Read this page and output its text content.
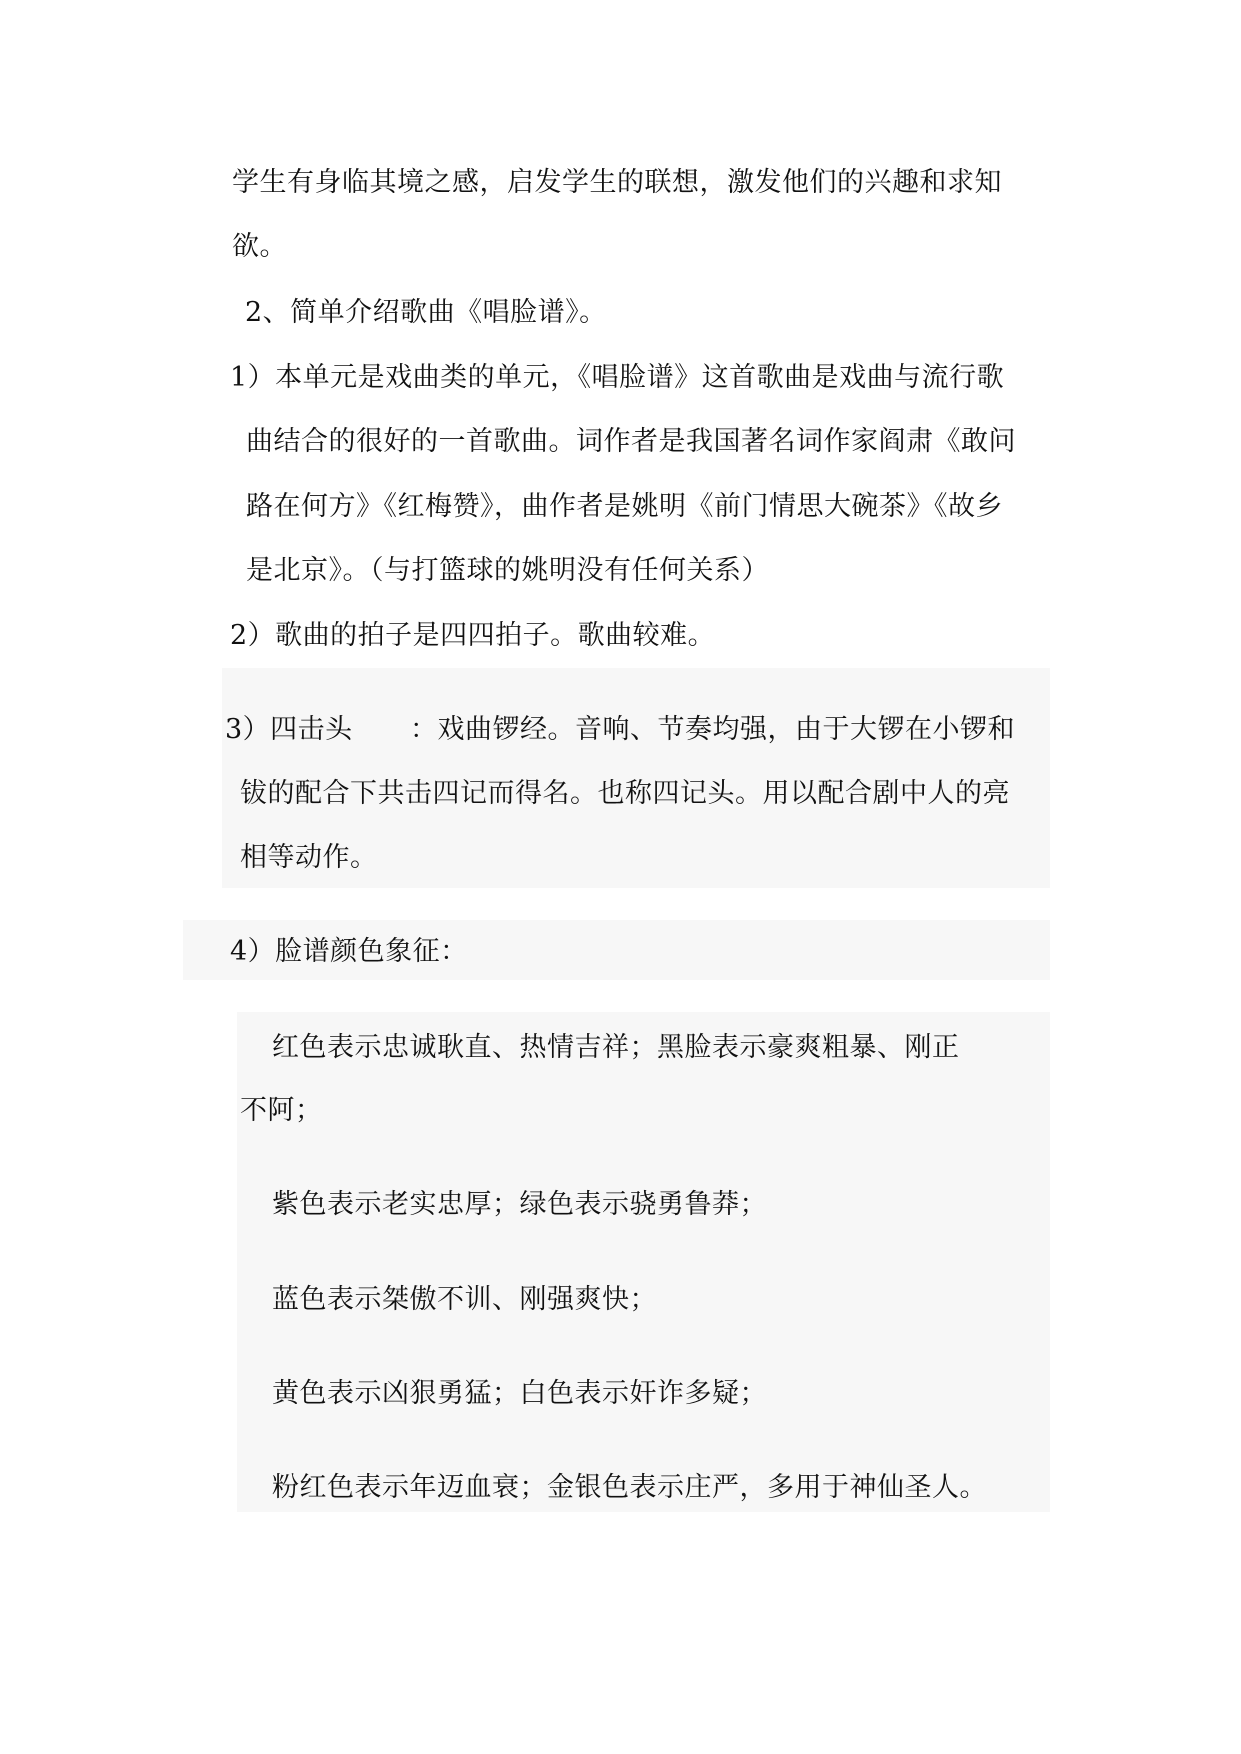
学生有身临其境之感，启发学生的联想，激发他们的兴趣和求知
欲。
2、简单介绍歌曲《唱脸谱》。
1）本单元是戏曲类的单元，《唱脸谱》这首歌曲是戏曲与流行歌
曲结合的很好的一首歌曲。词作者是我国著名词作家阎肃《敢问
路在何方》《红梅赞》，曲作者是姚明《前门情思大碗茶》《故乡
是北京》。（与打篮球的姚明没有任何关系）
2）歌曲的拍子是四四拍子。歌曲较难。
3）四击头 ：戏曲锣经。音响、节奏均强，由于大锣在小锣和
钹的配合下共击四记而得名。也称四记头。用以配合剧中人的亮
相等动作。
4）脸谱颜色象征：
红色表示忠诚耿直、热情吉祥；黑脸表示豪爽粗暴、刚正
不阿；
紫色表示老实忠厚；绿色表示骁勇鲁莽；
蓝色表示桀傲不训、刚强爽快；
黄色表示凶狠勇猛；白色表示奸诈多疑；
粉红色表示年迈血衰；金银色表示庄严，多用于神仙圣人。
